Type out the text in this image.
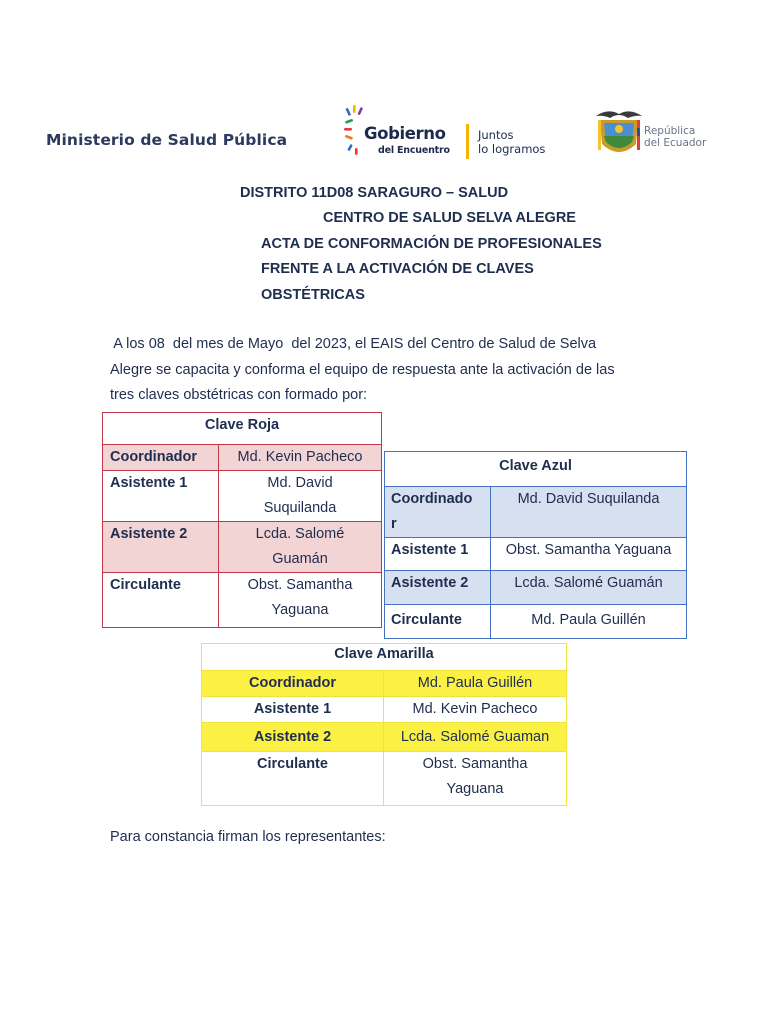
Ministerio de Salud Pública	Gobierno
del Encuentro
Juntos
lo logramos
República
del Ecuador
DISTRITO 11D08 SARAGURO – SALUD
CENTRO DE SALUD SELVA ALEGRE
ACTA DE CONFORMACIÓN DE PROFESIONALES
FRENTE A LA ACTIVACIÓN DE CLAVES
OBSTÉTRICAS
A los 08  del mes de Mayo  del 2023, el EAIS del Centro de Salud de Selva
Alegre se capacita y conforma el equipo de respuesta ante la activación de las
tres claves obstétricas con formado por:
Clave Roja	
Coordinador	Md. Kevin Pacheco
Asistente 1	Md. David
Suquilanda

Asistente 2	Lcda. Salomé
Guamán

Circulante	Obst. Samantha
Yaguana
Clave Azul	

Coordinado
r	Md. David Suquilanda
Asistente 1	Obst. Samantha Yaguana
Asistente 2	Lcda. Salomé Guamán
Circulante	Md. Paula Guillén
Clave Amarilla	
Coordinador	Md. Paula Guillén
Asistente 1	Md. Kevin Pacheco
Asistente 2	Lcda. Salomé Guaman
Circulante	Obst. Samantha
Yaguana
Para constancia firman los representantes:
